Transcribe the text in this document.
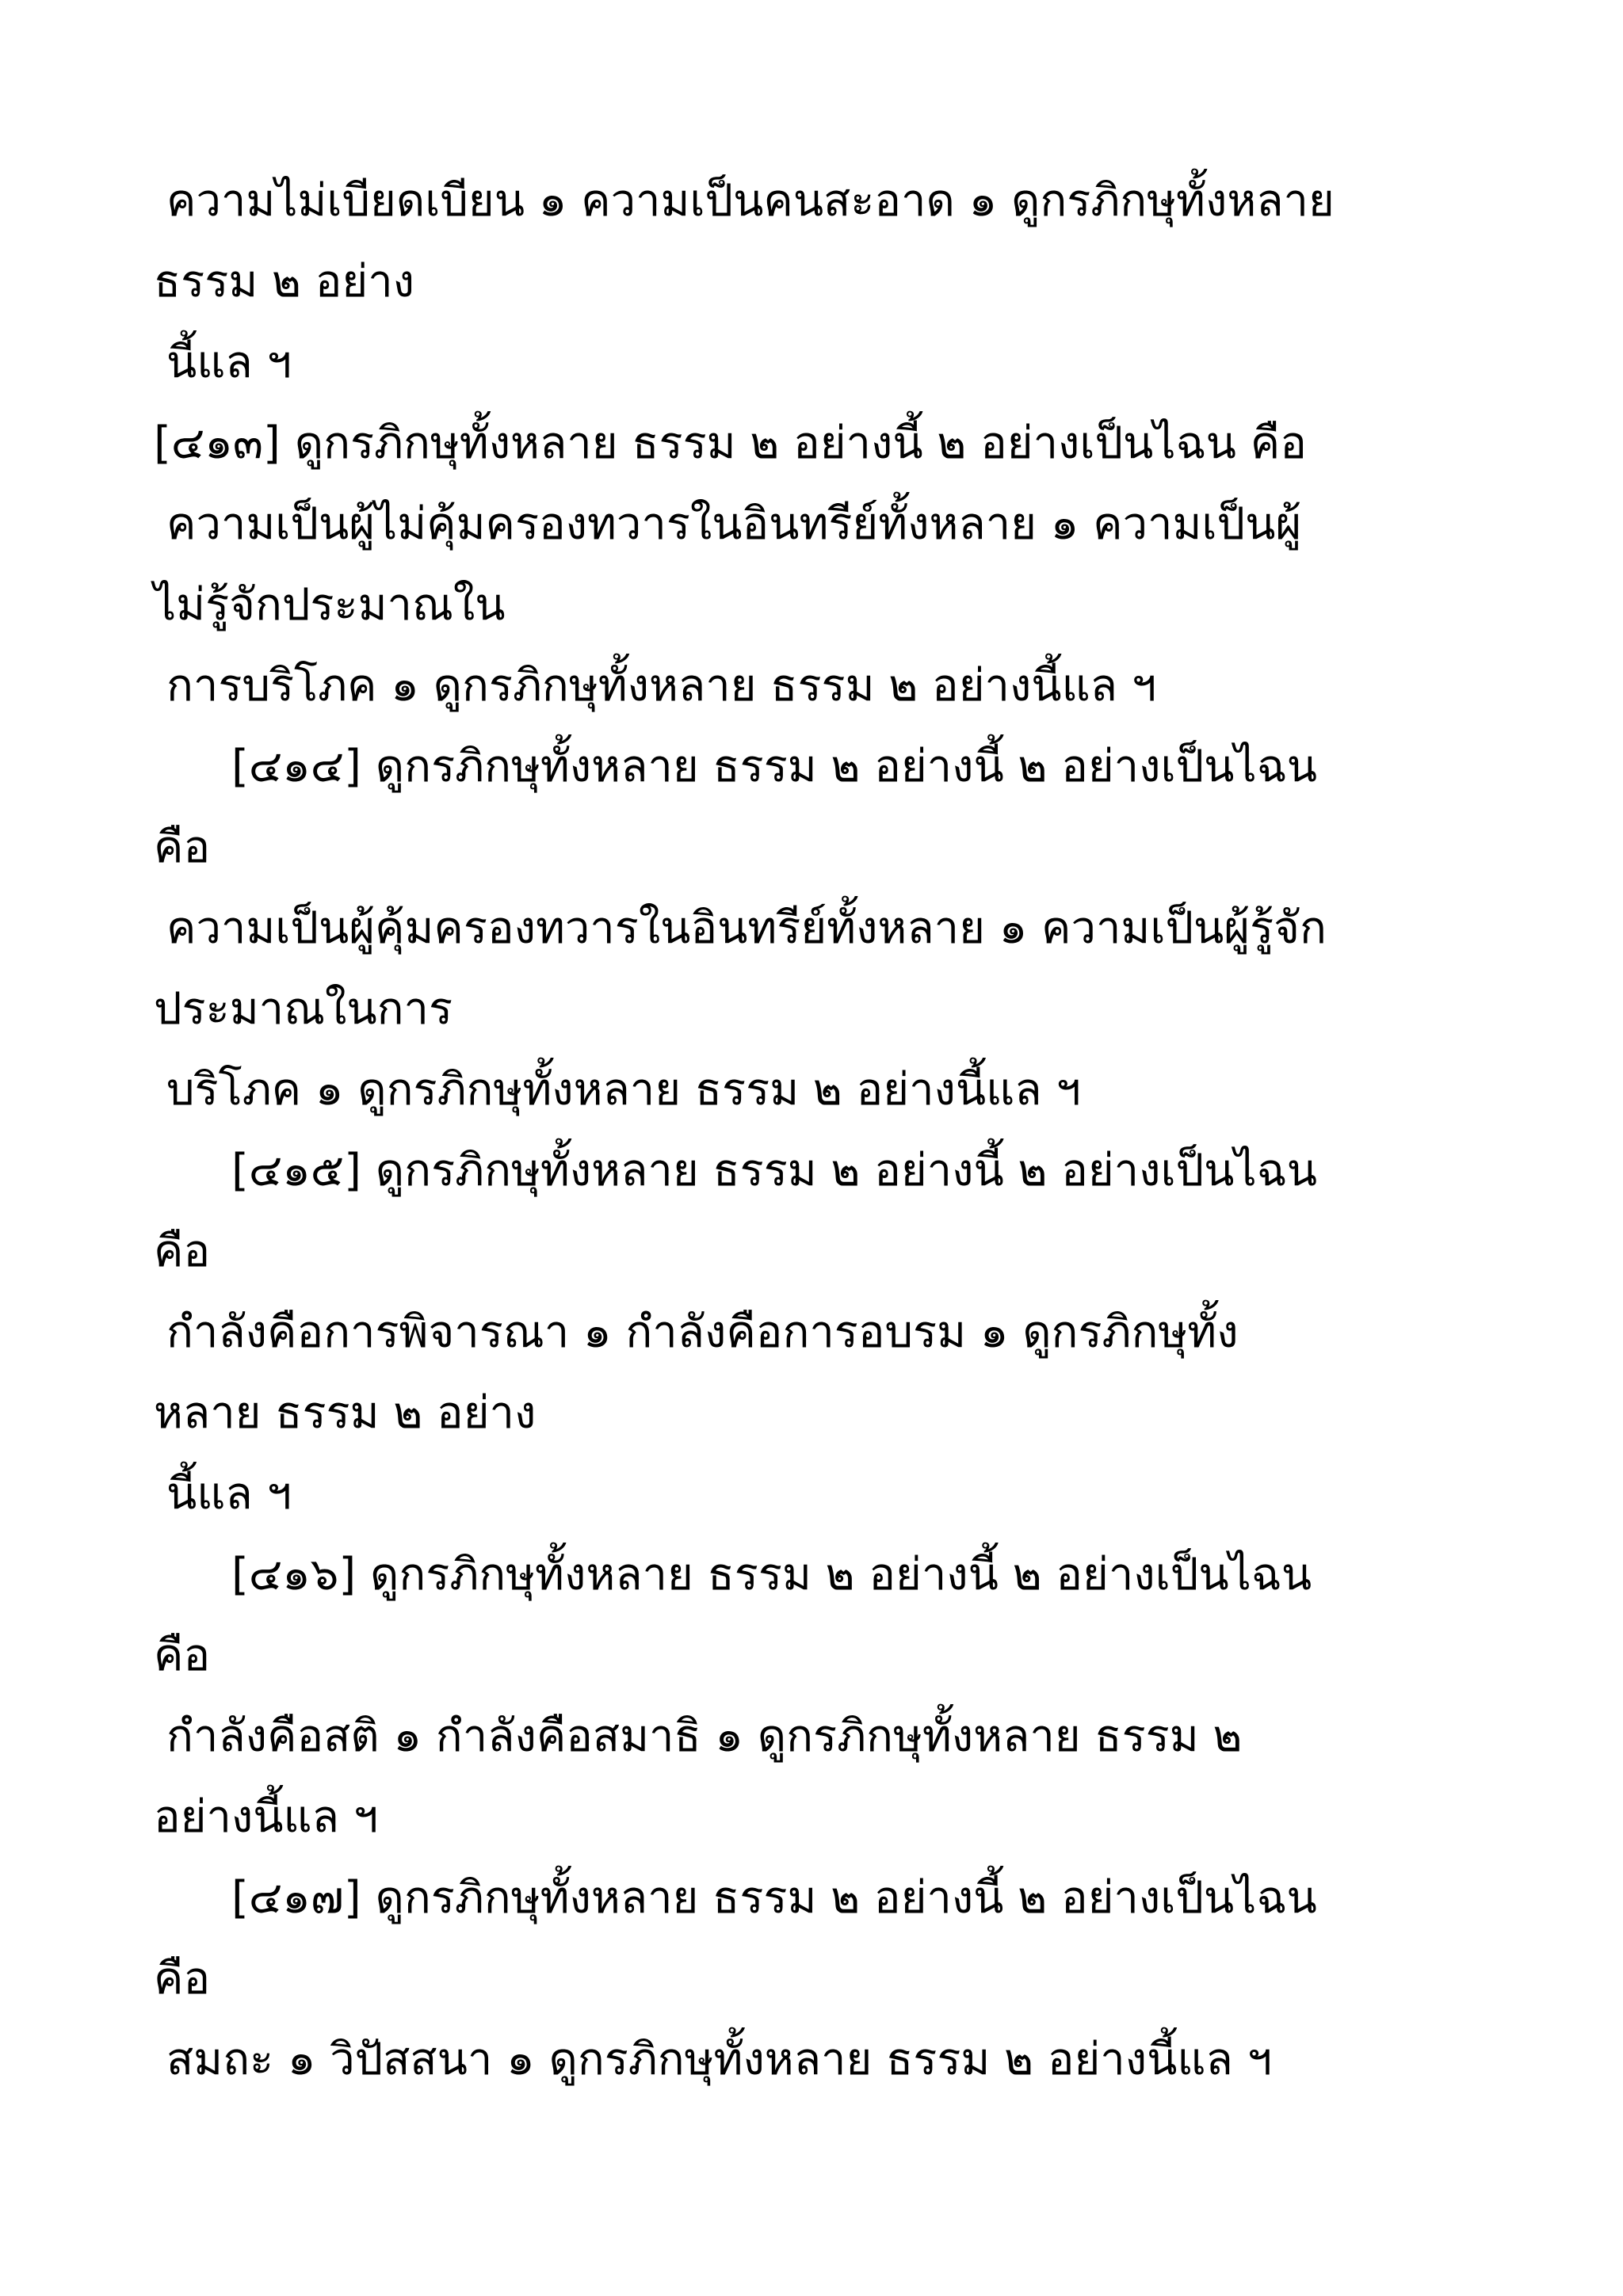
ความไม่เบียดเบียน ๑ ความเป็นคนสะอาด ๑ ดูกรภิกษุทั้งหลาย
ธรรม ๒ อย่าง
นี้แล ฯ
[๔๑๓] ดูกรภิกษุทั้งหลาย ธรรม ๒ อย่างนี้ ๒ อย่างเป็นไฉน คือ
ความเป็นผู้ไม่คุ้มครองทวารในอินทรีย์ทั้งหลาย ๑ ความเป็นผู้
ไม่รู้จักประมาณใน
การบริโภค ๑ ดูกรภิกษุทั้งหลาย ธรรม ๒ อย่างนี้แล ฯ
[๔๑๔] ดูกรภิกษุทั้งหลาย ธรรม ๒ อย่างนี้ ๒ อย่างเป็นไฉน
คือ
ความเป็นผู้คุ้มครองทวารในอินทรีย์ทั้งหลาย ๑ ความเป็นผู้รู้จัก
ประมาณในการ
บริโภค ๑ ดูกรภิกษุทั้งหลาย ธรรม ๒ อย่างนี้แล ฯ
[๔๑๕] ดูกรภิกษุทั้งหลาย ธรรม ๒ อย่างนี้ ๒ อย่างเป็นไฉน
คือ
กำลังคือการพิจารณา ๑ กำลังคือการอบรม ๑ ดูกรภิกษุทั้ง
หลาย ธรรม ๒ อย่าง
นี้แล ฯ
[๔๑๖] ดูกรภิกษุทั้งหลาย ธรรม ๒ อย่างนี้ ๒ อย่างเป็นไฉน
คือ
กำลังคือสติ ๑ กำลังคือสมาธิ ๑ ดูกรภิกษุทั้งหลาย ธรรม ๒
อย่างนี้แล ฯ
[๔๑๗] ดูกรภิกษุทั้งหลาย ธรรม ๒ อย่างนี้ ๒ อย่างเป็นไฉน
คือ
สมถะ ๑ วิปัสสนา ๑ ดูกรภิกษุทั้งหลาย ธรรม ๒ อย่างนี้แล ฯ
